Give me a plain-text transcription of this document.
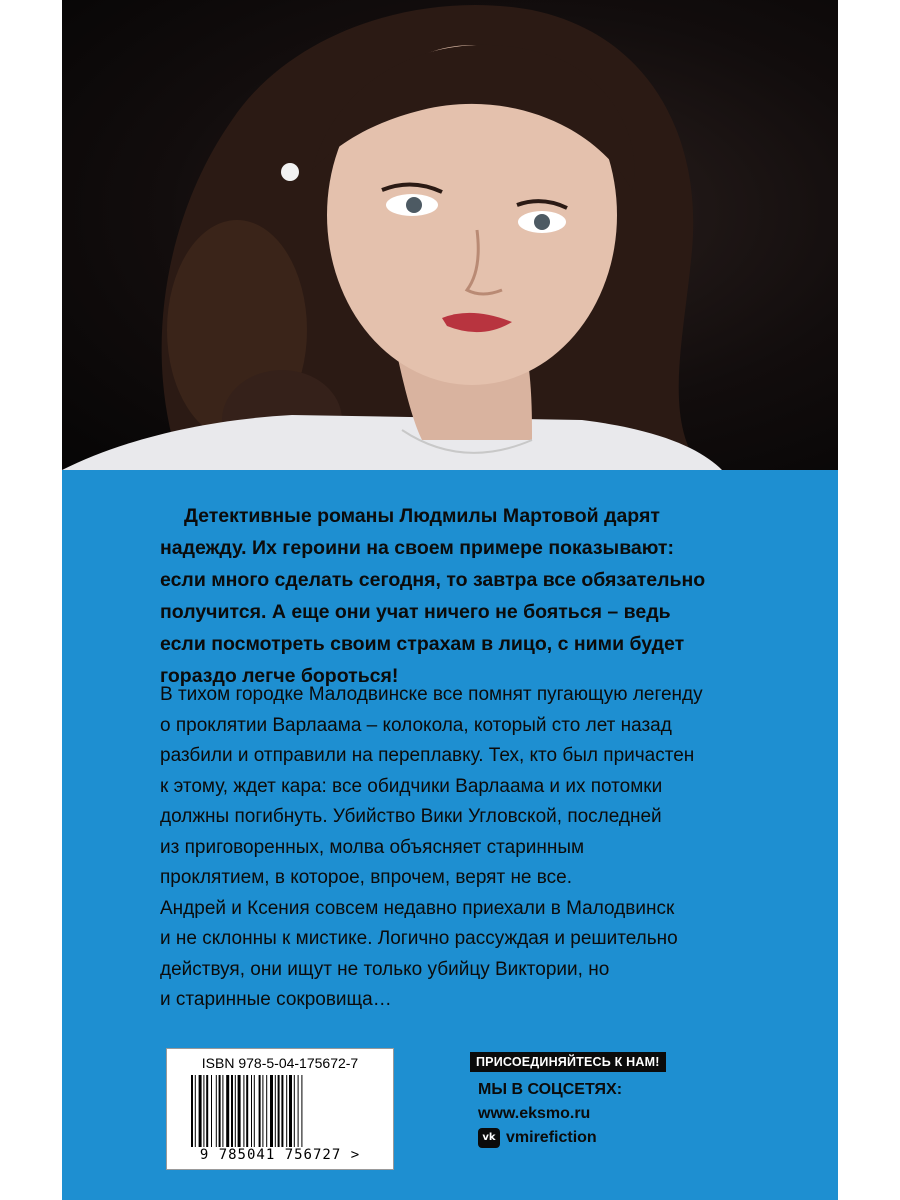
Детективные романы Людмилы Мартовой дарят
надежду. Их героини на своем примере показывают:
если много сделать сегодня, то завтра все обязательно
получится. А еще они учат ничего не бояться – ведь
если посмотреть своим страхам в лицо, с ними будет
гораздо легче бороться!
В тихом городке Малодвинске все помнят пугающую легенду
о проклятии Варлаама – колокола, который сто лет назад
разбили и отправили на переплавку. Тех, кто был причастен
к этому, ждет кара: все обидчики Варлаама и их потомки
должны погибнуть. Убийство Вики Угловской, последней
из приговоренных, молва объясняет старинным
проклятием, в которое, впрочем, верят не все.
Андрей и Ксения совсем недавно приехали в Малодвинск
и не склонны к мистике. Логично рассуждая и решительно
действуя, они ищут не только убийцу Виктории, но
и старинные сокровища…
ISBN 978-5-04-175672-7
9 785041 756727 >
ПРИСОЕДИНЯЙТЕСЬ К НАМ!
МЫ В СОЦСЕТЯХ:
www.eksmo.ru
vk vmirefiction
